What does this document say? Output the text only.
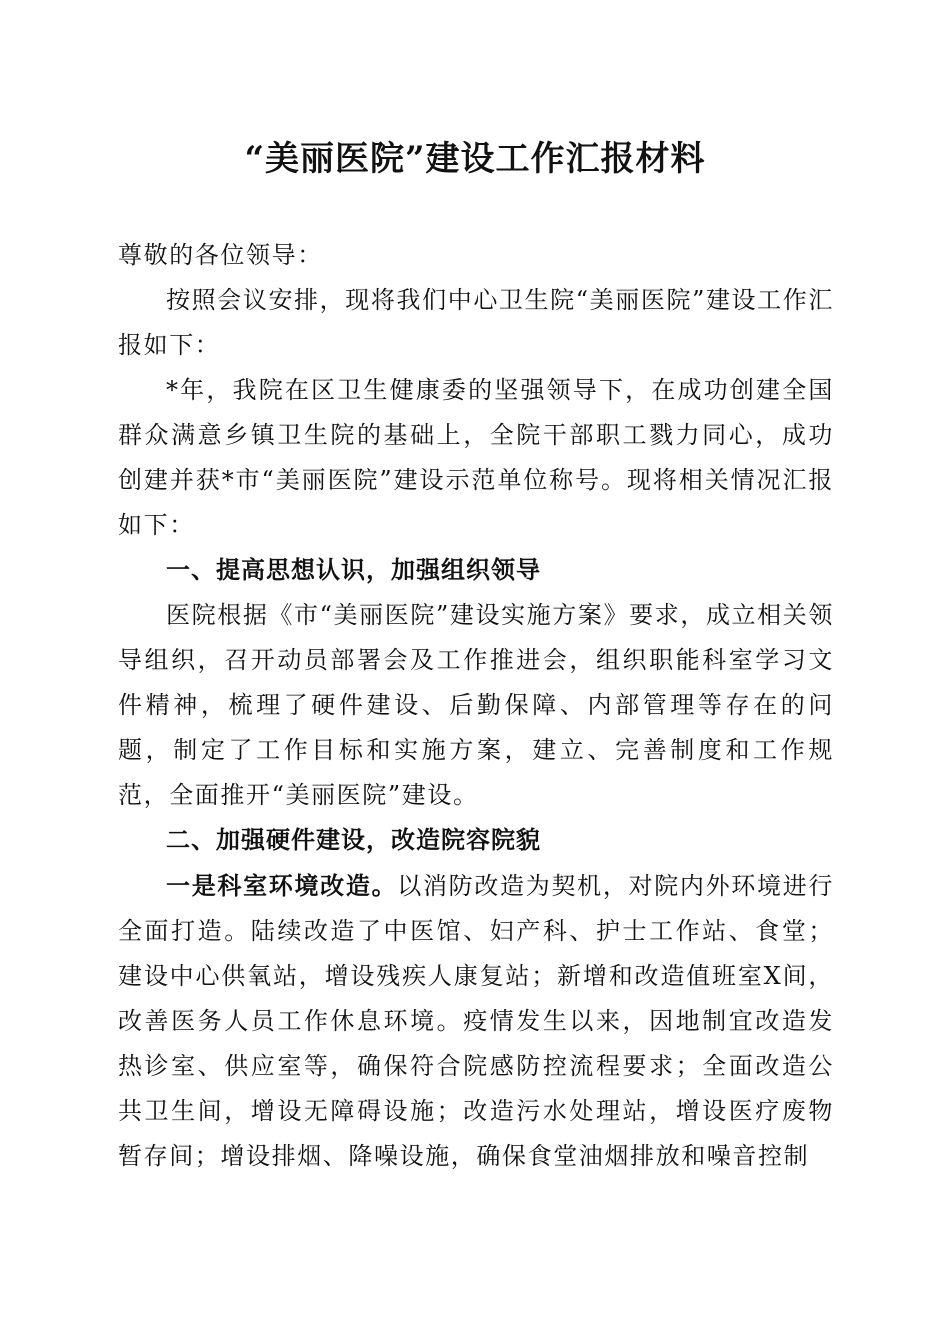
“美丽医院”建设工作汇报材料

尊敬的各位领导：

按照会议安排，现将我们中心卫生院“美丽医院”建设工作汇报如下：

*年，我院在区卫生健康委的坚强领导下，在成功创建全国群众满意乡镇卫生院的基础上，全院干部职工戮力同心，成功创建并获*市“美丽医院”建设示范单位称号。现将相关情况汇报如下：

一、提高思想认识，加强组织领导

医院根据《市“美丽医院”建设实施方案》要求，成立相关领导组织，召开动员部署会及工作推进会，组织职能科室学习文件精神，梳理了硬件建设、后勤保障、内部管理等存在的问题，制定了工作目标和实施方案，建立、完善制度和工作规范，全面推开“美丽医院”建设。

二、加强硬件建设，改造院容院貌

一是科室环境改造。以消防改造为契机，对院内外环境进行全面打造。陆续改造了中医馆、妇产科、护士工作站、食堂；建设中心供氧站，增设残疾人康复站；新增和改造值班室X间，改善医务人员工作休息环境。疫情发生以来，因地制宜改造发热诊室、供应室等，确保符合院感防控流程要求；全面改造公共卫生间，增设无障碍设施；改造污水处理站，增设医疗废物暂存间；增设排烟、降噪设施，确保食堂油烟排放和噪音控制
